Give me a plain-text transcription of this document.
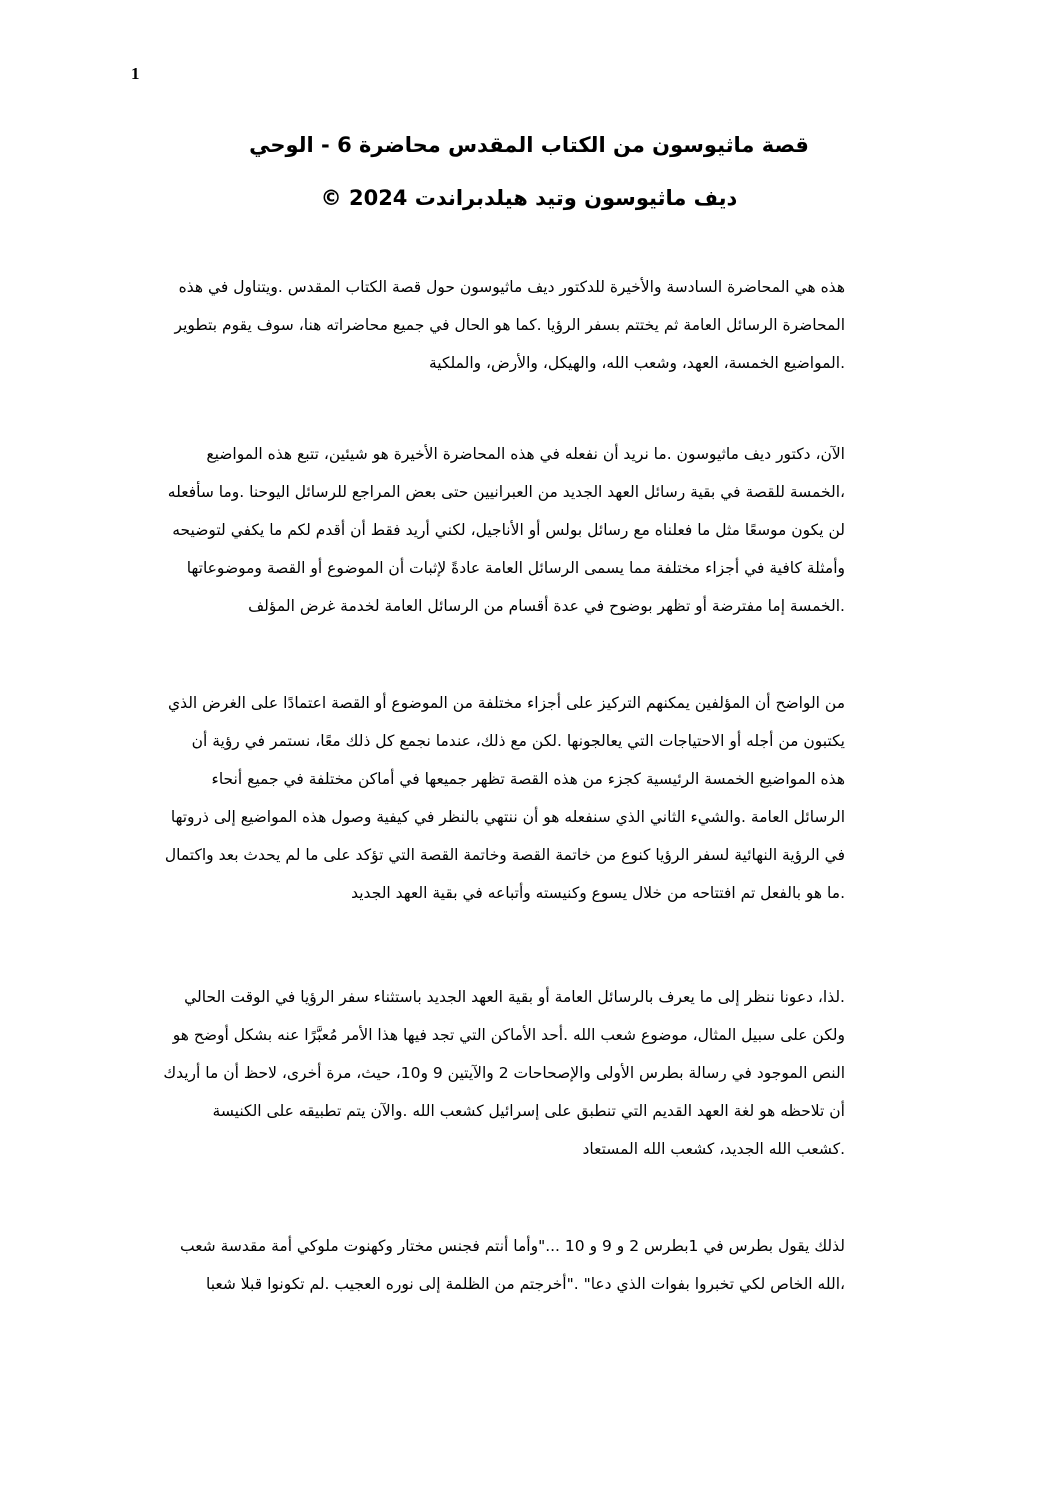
1
قصة ماثيوسون من الكتاب المقدس محاضرة 6 - الوحي
ديف ماثيوسون وتيد هيلدبراندت 2024 ©
هذه هي المحاضرة السادسة والأخيرة للدكتور ديف ماثيوسون حول قصة الكتاب المقدس .ويتناول في هذه
المحاضرة الرسائل العامة ثم يختتم بسفر الرؤيا .كما هو الحال في جميع محاضراته هنا، سوف يقوم بتطوير
.المواضيع الخمسة، العهد، وشعب الله، والهيكل، والأرض، والملكية
الآن، دكتور ديف ماثيوسون .ما نريد أن نفعله في هذه المحاضرة الأخيرة هو شيئين، تتبع هذه المواضيع
،الخمسة للقصة في بقية رسائل العهد الجديد من العبرانيين حتى بعض المراجع للرسائل اليوحنا .وما سأفعله
لن يكون موسعًا مثل ما فعلناه مع رسائل بولس أو الأناجيل، لكني أريد فقط أن أقدم لكم ما يكفي لتوضيحه
وأمثلة كافية في أجزاء مختلفة مما يسمى الرسائل العامة عادةً لإثبات أن الموضوع أو القصة وموضوعاتها
.الخمسة إما مفترضة أو تظهر بوضوح في عدة أقسام من الرسائل العامة لخدمة غرض المؤلف
من الواضح أن المؤلفين يمكنهم التركيز على أجزاء مختلفة من الموضوع أو القصة اعتمادًا على الغرض الذي
يكتبون من أجله أو الاحتياجات التي يعالجونها .لكن مع ذلك، عندما نجمع كل ذلك معًا، نستمر في رؤية أن
هذه المواضيع الخمسة الرئيسية كجزء من هذه القصة تظهر جميعها في أماكن مختلفة في جميع أنحاء
الرسائل العامة .والشيء الثاني الذي سنفعله هو أن ننتهي بالنظر في كيفية وصول هذه المواضيع إلى ذروتها
في الرؤية النهائية لسفر الرؤيا كنوع من خاتمة القصة وخاتمة القصة التي تؤكد على ما لم يحدث بعد واكتمال
.ما هو بالفعل تم افتتاحه من خلال يسوع وكنيسته وأتباعه في بقية العهد الجديد
.لذا، دعونا ننظر إلى ما يعرف بالرسائل العامة أو بقية العهد الجديد باستثناء سفر الرؤيا في الوقت الحالي
ولكن على سبيل المثال، موضوع شعب الله .أحد الأماكن التي تجد فيها هذا الأمر مُعبَّرًا عنه بشكل أوضح هو
النص الموجود في رسالة بطرس الأولى والإصحاحات 2 والآيتين 9 و10، حيث، مرة أخرى، لاحظ أن ما أريدك
أن تلاحظه هو لغة العهد القديم التي تنطبق على إسرائيل كشعب الله .والآن يتم تطبيقه على الكنيسة
.كشعب الله الجديد، كشعب الله المستعاد
لذلك يقول بطرس في 1بطرس 2 و 9 و 10 ..."وأما أنتم فجنس مختار وكهنوت ملوكي أمة مقدسة شعب
،الله الخاص لكي تخبروا بفوات الذي دعا" ."أخرجتم من الظلمة إلى نوره العجيب .لم تكونوا قبلا شعبا
